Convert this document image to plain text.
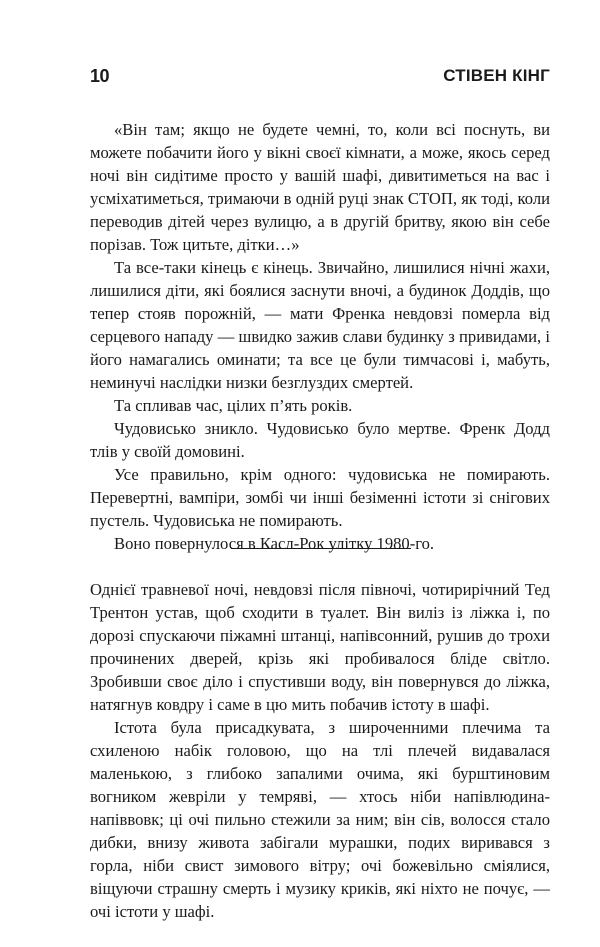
10	СТІВЕН КІНГ

«Він там; якщо не будете чемні, то, коли всі поснуть, ви можете побачити його у вікні своєї кімнати, а може, якось серед ночі він сидітиме просто у вашій шафі, дивитиметься на вас і усміхатиметься, тримаючи в одній руці знак СТОП, як тоді, коли переводив дітей через вулицю, а в другій бритву, якою він себе порізав. Тож цитьте, дітки…»

Та все-таки кінець є кінець. Звичайно, лишилися нічні жахи, лишилися діти, які боялися заснути вночі, а будинок Доддів, що тепер стояв порожній, — мати Френка невдовзі померла від серцевого нападу — швидко зажив слави будинку з привидами, і його намагались оминати; та все це були тимчасові і, мабуть, неминучі наслідки низки безглуздих смертей.

Та спливав час, цілих п’ять років.

Чудовисько зникло. Чудовисько було мертве. Френк Додд тлів у своїй домовині.

Усе правильно, крім одного: чудовиська не помирають. Перевертні, вампіри, зомбі чи інші безіменні істоти зі снігових пустель. Чудовиська не помирають.

Воно повернулося в Касл-Рок улітку 1980-го.

Однієї травневої ночі, невдовзі після півночі, чотирирічний Тед Трентон устав, щоб сходити в туалет. Він виліз із ліжка і, по дорозі спускаючи піжамні штанці, напівсонний, рушив до трохи прочинених дверей, крізь які пробивалося бліде світло. Зробивши своє діло і спустивши воду, він повернувся до ліжка, натягнув ковдру і саме в цю мить побачив істоту в шафі.

Істота була присадкувата, з широченними плечима та схиленою набік головою, що на тлі плечей видавалася маленькою, з глибоко запалими очима, які бурштиновим вогником жевріли у темряві, — хтось ніби напівлюдина-напіввовк; ці очі пильно стежили за ним; він сів, волосся стало дибки, внизу живота забігали мурашки, подих виривався з горла, ніби свист зимового вітру; очі божевільно сміялися, віщуючи страшну смерть і музику криків, які ніхто не почує, — очі істоти у шафі.
